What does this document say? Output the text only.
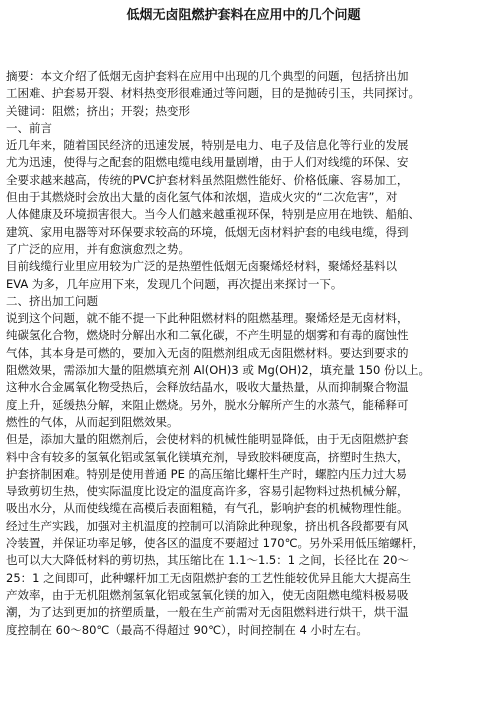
低烟无卤阻燃护套料在应用中的几个问题
摘要：本文介绍了低烟无卤护套料在应用中出现的几个典型的问题，包括挤出加
工困难、护套易开裂、材料热变形很难通过等问题，目的是抛砖引玉，共同探讨。
关键词：阻燃；挤出；开裂；热变形
一、前言
近几年来，随着国民经济的迅速发展，特别是电力、电子及信息化等行业的发展
尤为迅速，使得与之配套的阻燃电缆电线用量剧增，由于人们对线缆的环保、安
全要求越来越高，传统的PVC护套材料虽然阻燃性能好、价格低廉、容易加工，
但由于其燃烧时会放出大量的卤化氢气体和浓烟，造成火灾的“二次危害”，对
人体健康及环境损害很大。当今人们越来越重视环保，特别是应用在地铁、船舶、
建筑、家用电器等对环保要求较高的环境，低烟无卤材料护套的电线电缆，得到
了广泛的应用，并有愈演愈烈之势。
目前线缆行业里应用较为广泛的是热塑性低烟无卤聚烯烃材料，聚烯烃基料以
EVA 为多，几年应用下来，发现几个问题，再次提出来探讨一下。
二、挤出加工问题
说到这个问题，就不能不提一下此种阻燃材料的阻燃基理。聚烯烃是无卤材料，
纯碳氢化合物，燃烧时分解出水和二氧化碳，不产生明显的烟雾和有毒的腐蚀性
气体，其本身是可燃的，要加入无卤的阻燃剂组成无卤阻燃材料。要达到要求的
阻燃效果，需添加大量的阻燃填充剂 Al(OH)3 或 Mg(OH)2，填充量 150 份以上。
这种水合金属氧化物受热后，会释放结晶水，吸收大量热量，从而抑制聚合物温
度上升，延缓热分解，来阻止燃烧。另外，脱水分解所产生的水蒸气，能稀释可
燃性的气体，从而起到阻燃效果。
但是，添加大量的阻燃剂后，会使材料的机械性能明显降低，由于无卤阻燃护套
料中含有较多的氢氧化铝或氢氧化镁填充剂，导致胶料硬度高，挤塑时生热大，
护套挤制困难。特别是使用普通 PE 的高压缩比螺杆生产时，螺腔内压力过大易
导致剪切生热，使实际温度比设定的温度高许多，容易引起物料过热机械分解，
吸出水分，从而使线缆在高模后表面粗糙，有气孔，影响护套的机械物理性能。
经过生产实践，加强对主机温度的控制可以消除此种现象，挤出机各段都要有风
冷装置，并保证功率足够，使各区的温度不要超过 170℃。另外采用低压缩螺杆，
也可以大大降低材料的剪切热，其压缩比在 1.1～1.5：1 之间，长径比在 20～
25：1 之间即可，此种螺杆加工无卤阻燃护套的工艺性能较优异且能大大提高生
产效率，由于无机阻燃剂氢氧化铝或氢氧化镁的加入，使无卤阻燃电缆料极易吸
潮，为了达到更加的挤塑质量，一般在生产前需对无卤阻燃料进行烘干，烘干温
度控制在 60～80℃（最高不得超过 90℃），时间控制在 4 小时左右。
